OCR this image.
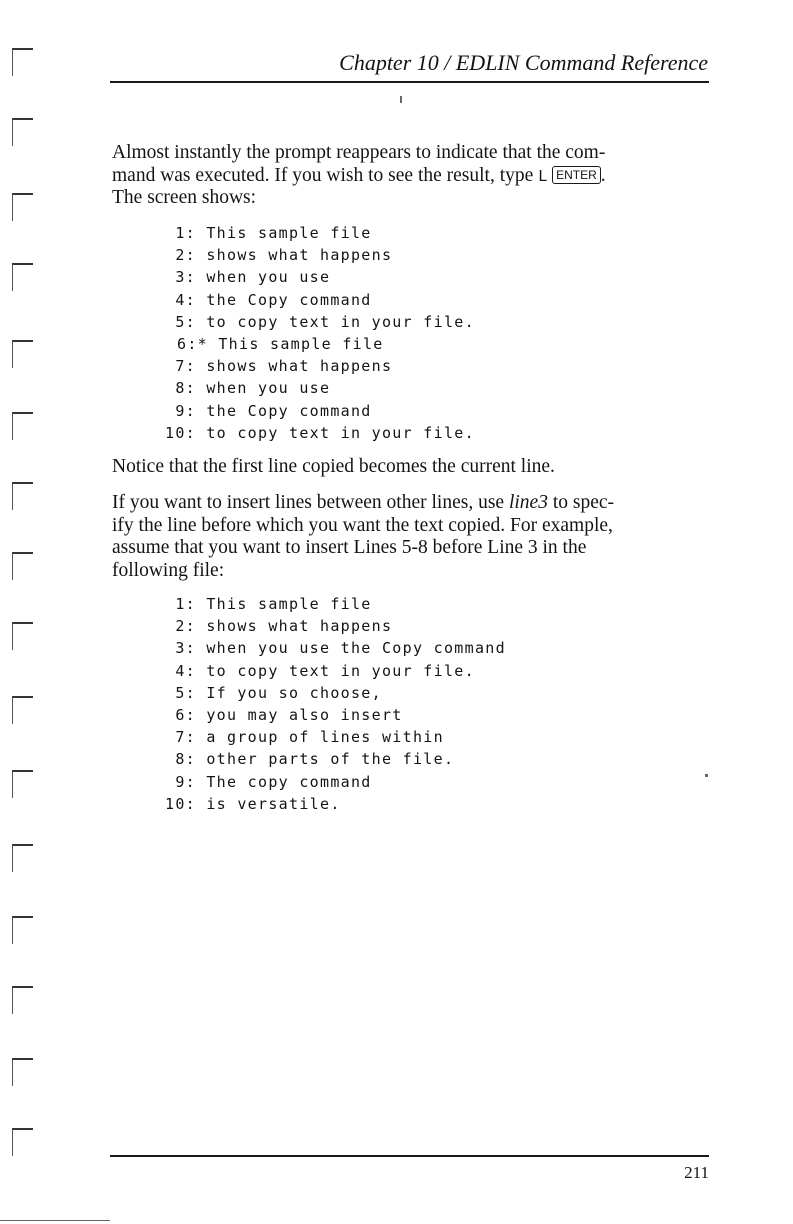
Chapter 10 / EDLIN Command Reference
Almost instantly the prompt reappears to indicate that the com-
mand was executed. If you wish to see the result, type L ENTER .
The screen shows:
1: This sample file
2: shows what happens
3: when you use
4: the Copy command
5: to copy text in your file.
6:* This sample file
7: shows what happens
8: when you use
9: the Copy command
10: to copy text in your file.
Notice that the first line copied becomes the current line.
If you want to insert lines between other lines, use line3 to spec-
ify the line before which you want the text copied. For example,
assume that you want to insert Lines 5-8 before Line 3 in the
following file:
1: This sample file
2: shows what happens
3: when you use the Copy command
4: to copy text in your file.
5: If you so choose,
6: you may also insert
7: a group of lines within
8: other parts of the file.
9: The copy command
10: is versatile.
211
